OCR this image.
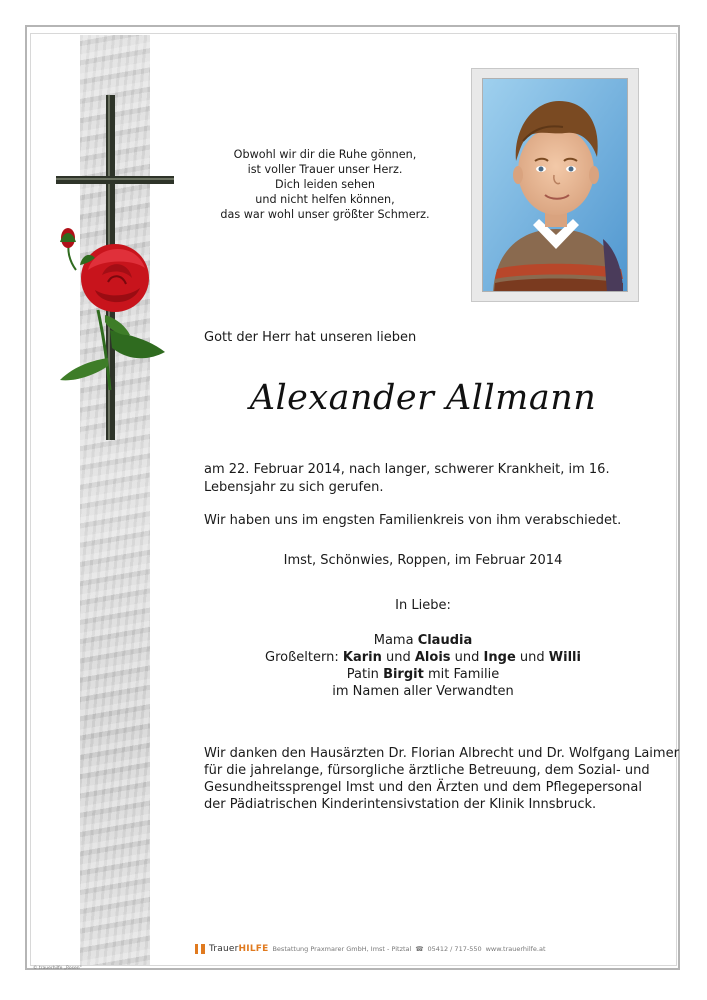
Obwohl wir dir die Ruhe gönnen,
ist voller Trauer unser Herz.
Dich leiden sehen
und nicht helfen können,
das war wohl unser größter Schmerz.
Gott der Herr hat unseren lieben
Alexander Allmann
am 22. Februar 2014, nach langer, schwerer Krankheit, im 16. Lebensjahr zu sich gerufen.
Wir haben uns im engsten Familienkreis von ihm verabschiedet.
Imst, Schönwies, Roppen, im Februar 2014
In Liebe:
Mama Claudia
Großeltern: Karin und Alois und Inge und Willi
Patin Birgit mit Familie
im Namen aller Verwandten
Wir danken den Hausärzten Dr. Florian Albrecht und Dr. Wolfgang Laimer
für die jahrelange, fürsorgliche ärztliche Betreuung, dem Sozial- und
Gesundheitssprengel Imst und den Ärzten und dem Pflegepersonal
der Pädiatrischen Kinderintensivstation der Klinik Innsbruck.
TrauerHILFE Bestattung Praxmarer GmbH, Imst - Pitztal ☎ 05412 / 717-550 www.trauerhilfe.at
© trauerhilfe „Rosen"
